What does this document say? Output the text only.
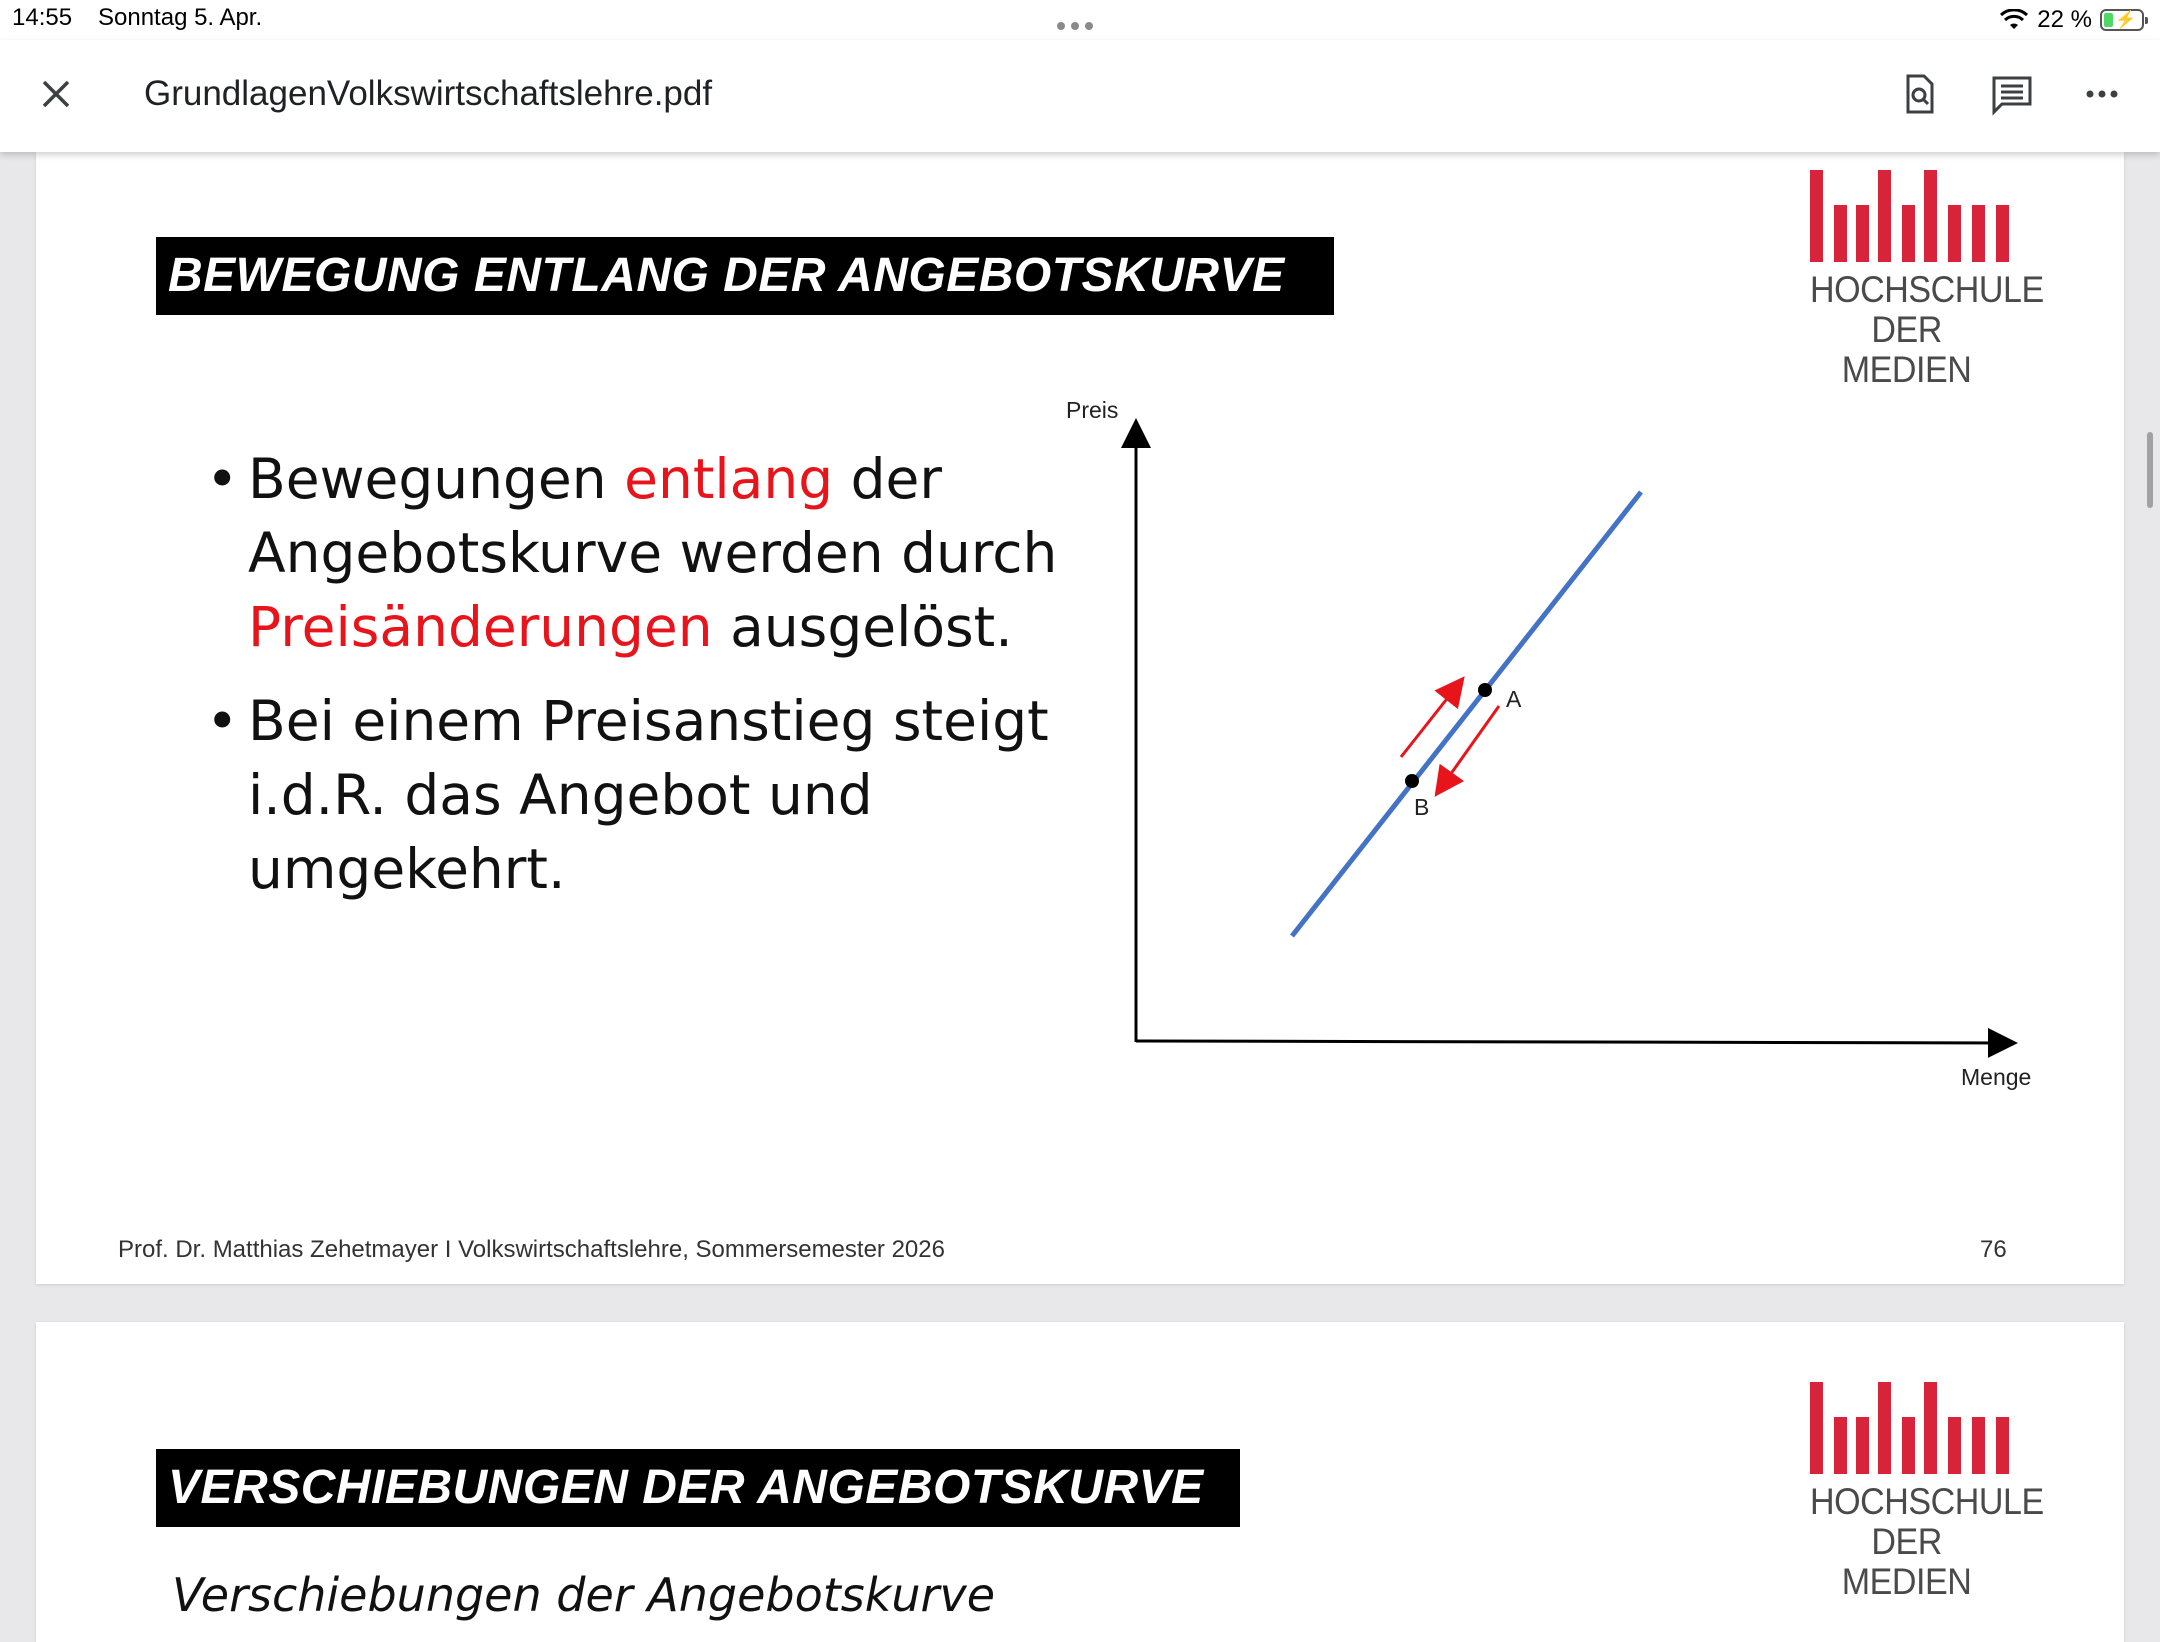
14:55 Sonntag 5. Apr.	22 % ⚡
GrundlagenVolkswirtschaftslehre.pdf
BEWEGUNG ENTLANG DER ANGEBOTSKURVE	HOCHSCHULE
DER MEDIEN
• Bewegungen entlang der Angebotskurve werden durch Preisänderungen ausgelöst.
• Bei einem Preisanstieg steigt i.d.R. das Angebot und umgekehrt.
Preis
Menge
A
B
Prof. Dr. Matthias Zehetmayer I Volkswirtschaftslehre, Sommersemester 2026	76
VERSCHIEBUNGEN DER ANGEBOTSKURVE	HOCHSCHULE
DER MEDIEN
Verschiebungen der Angebotskurve
